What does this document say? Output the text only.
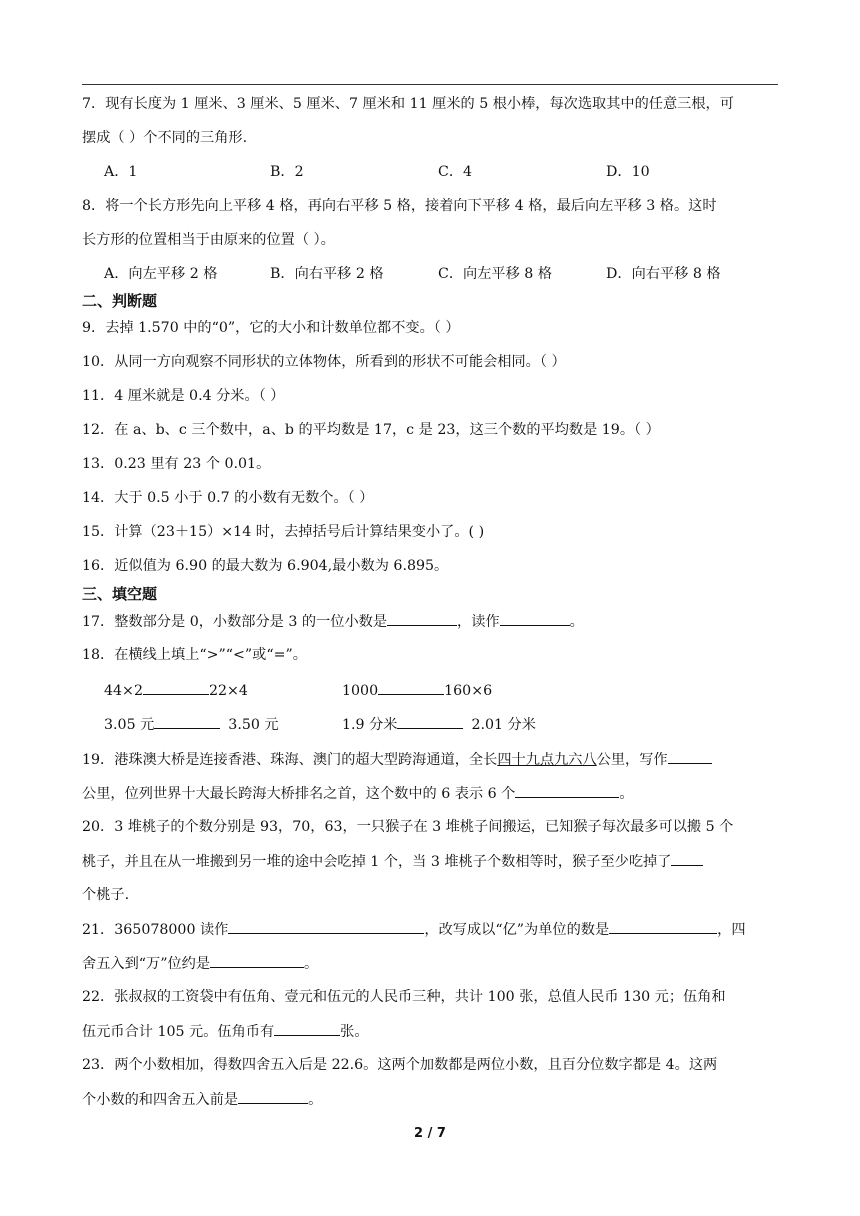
7．现有长度为 1 厘米、3 厘米、5 厘米、7 厘米和 11 厘米的 5 根小棒，每次选取其中的任意三根，可
摆成（ ）个不同的三角形.
A．1	B．2	C．4	D．10
8．将一个长方形先向上平移 4 格，再向右平移 5 格，接着向下平移 4 格，最后向左平移 3 格。这时
长方形的位置相当于由原来的位置（ ）。
A．向左平移 2 格	B．向右平移 2 格	C．向左平移 8 格	D．向右平移 8 格
二、判断题
9．去掉 1.570 中的“0”，它的大小和计数单位都不变。（ ）
10．从同一方向观察不同形状的立体物体，所看到的形状不可能会相同。（ ）
11．4 厘米就是 0.4 分米。（ ）
12．在 a、b、c 三个数中，a、b 的平均数是 17，c 是 23，这三个数的平均数是 19。（ ）
13．0.23 里有 23 个 0.01。
14．大于 0.5 小于 0.7 的小数有无数个。（ ）
15．计算（23＋15）×14 时，去掉括号后计算结果变小了。( )
16．近似值为 6.90 的最大数为 6.904,最小数为 6.895。
三、填空题
17．整数部分是 0，小数部分是 3 的一位小数是	，读作	。
18．在横线上填上“>”“<”或“=”。
44×2	22×4	1000	160×6
3.05 元	3.50 元	1.9 分米	2.01 分米
19．港珠澳大桥是连接香港、珠海、澳门的超大型跨海通道，全长四十九点九六八公里，写作
公里，位列世界十大最长跨海大桥排名之首，这个数中的 6 表示 6 个	。
20．3 堆桃子的个数分别是 93，70，63，一只猴子在 3 堆桃子间搬运，已知猴子每次最多可以搬 5 个
桃子，并且在从一堆搬到另一堆的途中会吃掉 1 个，当 3 堆桃子个数相等时，猴子至少吃掉了
个桃子.
21．365078000 读作	，改写成以“亿”为单位的数是	，四
舍五入到“万”位约是	。
22．张叔叔的工资袋中有伍角、壹元和伍元的人民币三种，共计 100 张，总值人民币 130 元；伍角和
伍元币合计 105 元。伍角币有	张。
23．两个小数相加，得数四舍五入后是 22.6。这两个加数都是两位小数，且百分位数字都是 4。这两
个小数的和四舍五入前是	。
2 / 7
